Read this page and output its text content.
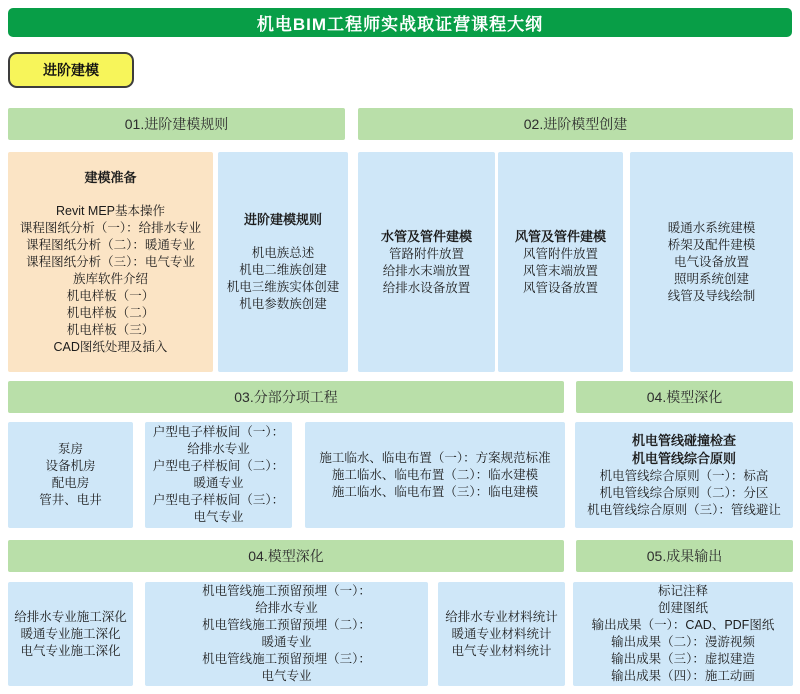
机电BIM工程师实战取证营课程大纲
进阶建模
01.进阶建模规则	02.进阶模型创建
建模准备
Revit MEP基本操作
课程图纸分析（一）：给排水专业
课程图纸分析（二）：暖通专业
课程图纸分析（三）：电气专业
族库软件介绍
机电样板（一）
机电样板（二）
机电样板（三）
CAD图纸处理及插入
进阶建模规则
机电族总述
机电二维族创建
机电三维族实体创建
机电参数族创建
水管及管件建模
管路附件放置
给排水末端放置
给排水设备放置
风管及管件建模
风管附件放置
风管末端放置
风管设备放置
暖通水系统建模
桥架及配件建模
电气设备放置
照明系统创建
线管及导线绘制
03.分部分项工程	04.模型深化
泵房
设备机房
配电房
管井、电井
户型电子样板间（一）：
给排水专业
户型电子样板间（二）：
暖通专业
户型电子样板间（三）：
电气专业
施工临水、临电布置（一）：方案规范标准
施工临水、临电布置（二）：临水建模
施工临水、临电布置（三）：临电建模
机电管线碰撞检查
机电管线综合原则
机电管线综合原则（一）：标高
机电管线综合原则（二）：分区
机电管线综合原则（三）：管线避让
04.模型深化	05.成果输出
给排水专业施工深化
暖通专业施工深化
电气专业施工深化
机电管线施工预留预埋（一）：
给排水专业
机电管线施工预留预埋（二）：
暖通专业
机电管线施工预留预埋（三）：
电气专业
给排水专业材料统计
暖通专业材料统计
电气专业材料统计
标记注释
创建图纸
输出成果（一）：CAD、PDF图纸
输出成果（二）：漫游视频
输出成果（三）：虚拟建造
输出成果（四）：施工动画
